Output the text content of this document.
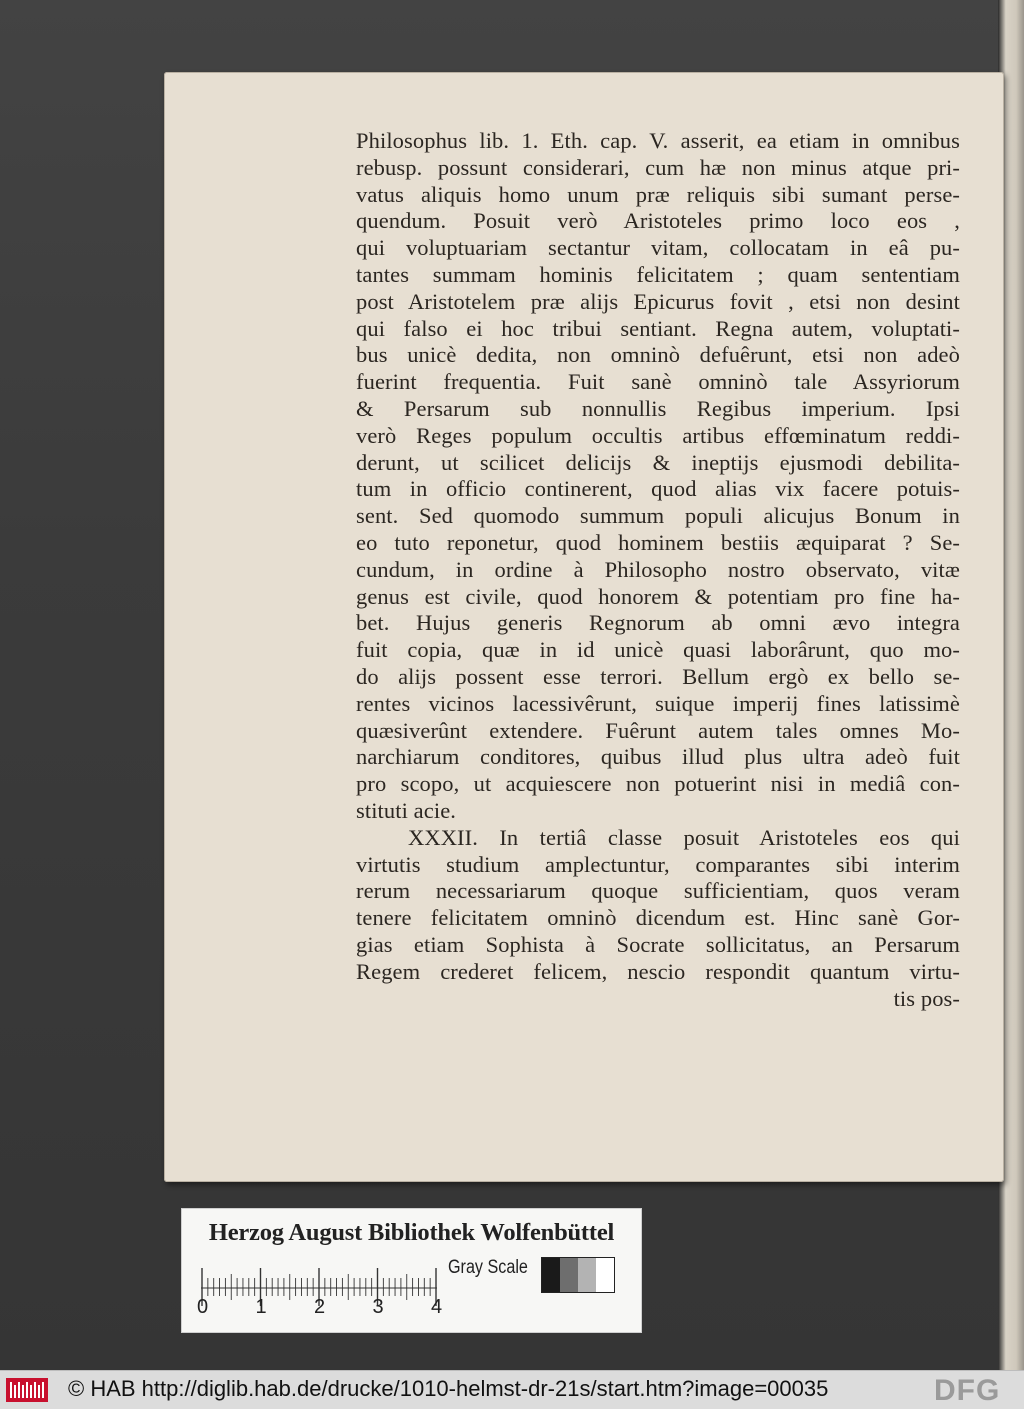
Philosophus lib. 1. Eth. cap. V. asserit, ea etiam in omnibus
rebusp. possunt considerari, cum hæ non minus atque pri-
vatus aliquis homo unum præ reliquis sibi sumant perse-
quendum. Posuit verò Aristoteles primo loco eos ,
qui voluptuariam sectantur vitam, collocatam in eâ pu-
tantes summam hominis felicitatem ; quam sententiam
post Aristotelem præ alijs Epicurus fovit , etsi non desint
qui falso ei hoc tribui sentiant. Regna autem, voluptati-
bus unicè dedita, non omninò defuêrunt, etsi non adeò
fuerint frequentia. Fuit sanè omninò tale Assyriorum
& Persarum sub nonnullis Regibus imperium. Ipsi
verò Reges populum occultis artibus effœminatum reddi-
derunt, ut scilicet delicijs & ineptijs ejusmodi debilita-
tum in officio continerent, quod alias vix facere potuis-
sent. Sed quomodo summum populi alicujus Bonum in
eo tuto reponetur, quod hominem bestiis æquiparat ? Se-
cundum, in ordine à Philosopho nostro observato, vitæ
genus est civile, quod honorem & potentiam pro fine ha-
bet. Hujus generis Regnorum ab omni ævo integra
fuit copia, quæ in id unicè quasi laborârunt, quo mo-
do alijs possent esse terrori. Bellum ergò ex bello se-
rentes vicinos lacessivêrunt, suique imperij fines latissimè
quæsiverûnt extendere. Fuêrunt autem tales omnes Mo-
narchiarum conditores, quibus illud plus ultra adeò fuit
pro scopo, ut acquiescere non potuerint nisi in mediâ con-
stituti acie.
XXXII. In tertiâ classe posuit Aristoteles eos qui
virtutis studium amplectuntur, comparantes sibi interim
rerum necessariarum quoque sufficientiam, quos veram
tenere felicitatem omninò dicendum est. Hinc sanè Gor-
gias etiam Sophista à Socrate sollicitatus, an Persarum
Regem crederet felicem, nescio respondit quantum virtu-
tis pos-
Herzog August Bibliothek Wolfenbüttel
Gray Scale
0 1 2 3 4
© HAB http://diglib.hab.de/drucke/1010-helmst-dr-21s/start.htm?image=00035	DFG
